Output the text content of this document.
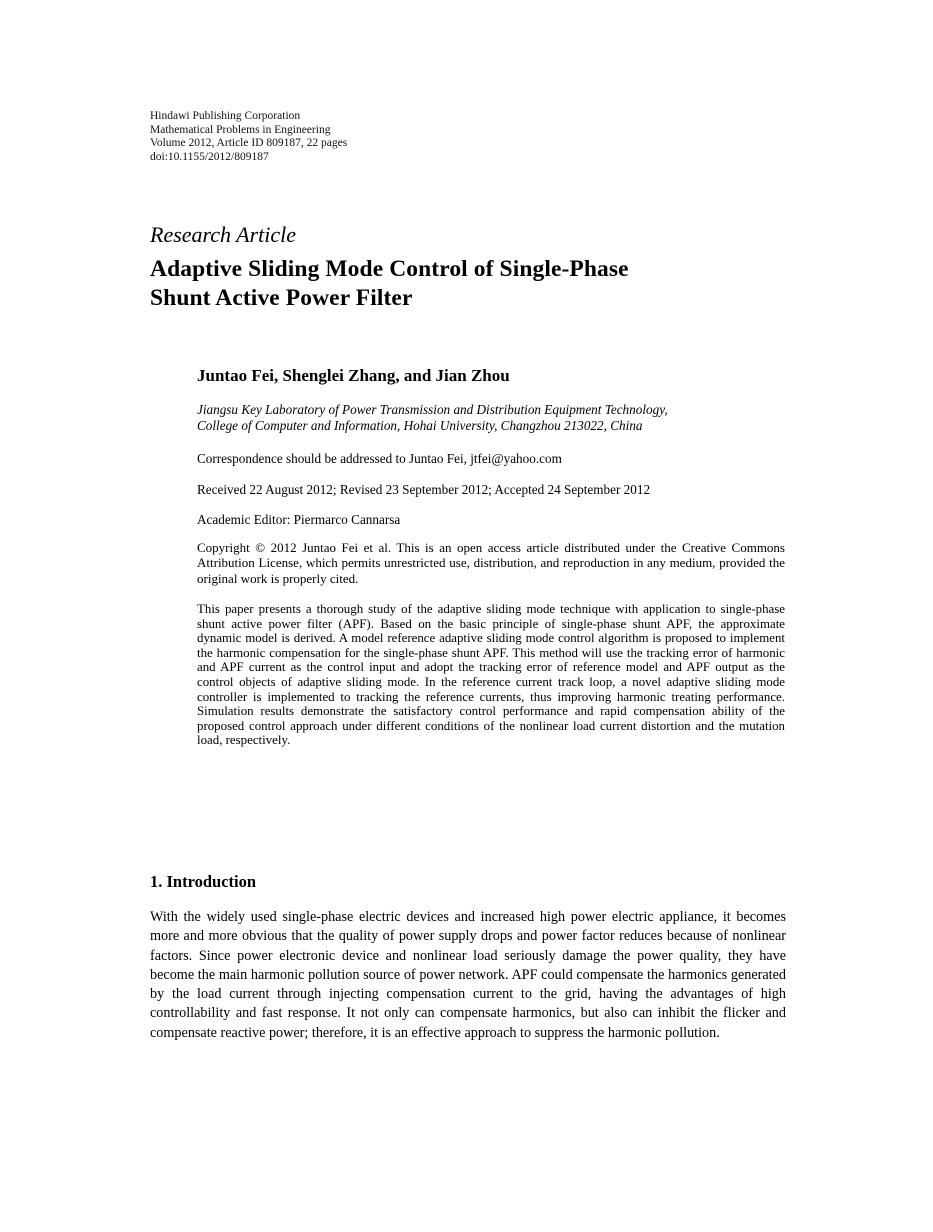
Hindawi Publishing Corporation
Mathematical Problems in Engineering
Volume 2012, Article ID 809187, 22 pages
doi:10.1155/2012/809187
Research Article
Adaptive Sliding Mode Control of Single-Phase
Shunt Active Power Filter
Juntao Fei, Shenglei Zhang, and Jian Zhou
Jiangsu Key Laboratory of Power Transmission and Distribution Equipment Technology,
College of Computer and Information, Hohai University, Changzhou 213022, China
Correspondence should be addressed to Juntao Fei, jtfei@yahoo.com
Received 22 August 2012; Revised 23 September 2012; Accepted 24 September 2012
Academic Editor: Piermarco Cannarsa

Copyright © 2012 Juntao Fei et al. This is an open access article distributed under the Creative Commons Attribution License, which permits unrestricted use, distribution, and reproduction in any medium, provided the original work is properly cited.

This paper presents a thorough study of the adaptive sliding mode technique with application to single-phase shunt active power filter (APF). Based on the basic principle of single-phase shunt APF, the approximate dynamic model is derived. A model reference adaptive sliding mode control algorithm is proposed to implement the harmonic compensation for the single-phase shunt APF. This method will use the tracking error of harmonic and APF current as the control input and adopt the tracking error of reference model and APF output as the control objects of adaptive sliding mode. In the reference current track loop, a novel adaptive sliding mode controller is implemented to tracking the reference currents, thus improving harmonic treating performance. Simulation results demonstrate the satisfactory control performance and rapid compensation ability of the proposed control approach under different conditions of the nonlinear load current distortion and the mutation load, respectively.

1. Introduction

With the widely used single-phase electric devices and increased high power electric appliance, it becomes more and more obvious that the quality of power supply drops and power factor reduces because of nonlinear factors. Since power electronic device and nonlinear load seriously damage the power quality, they have become the main harmonic pollution source of power network. APF could compensate the harmonics generated by the load current through injecting compensation current to the grid, having the advantages of high controllability and fast response. It not only can compensate harmonics, but also can inhibit the flicker and compensate reactive power; therefore, it is an effective approach to suppress the harmonic pollution.
